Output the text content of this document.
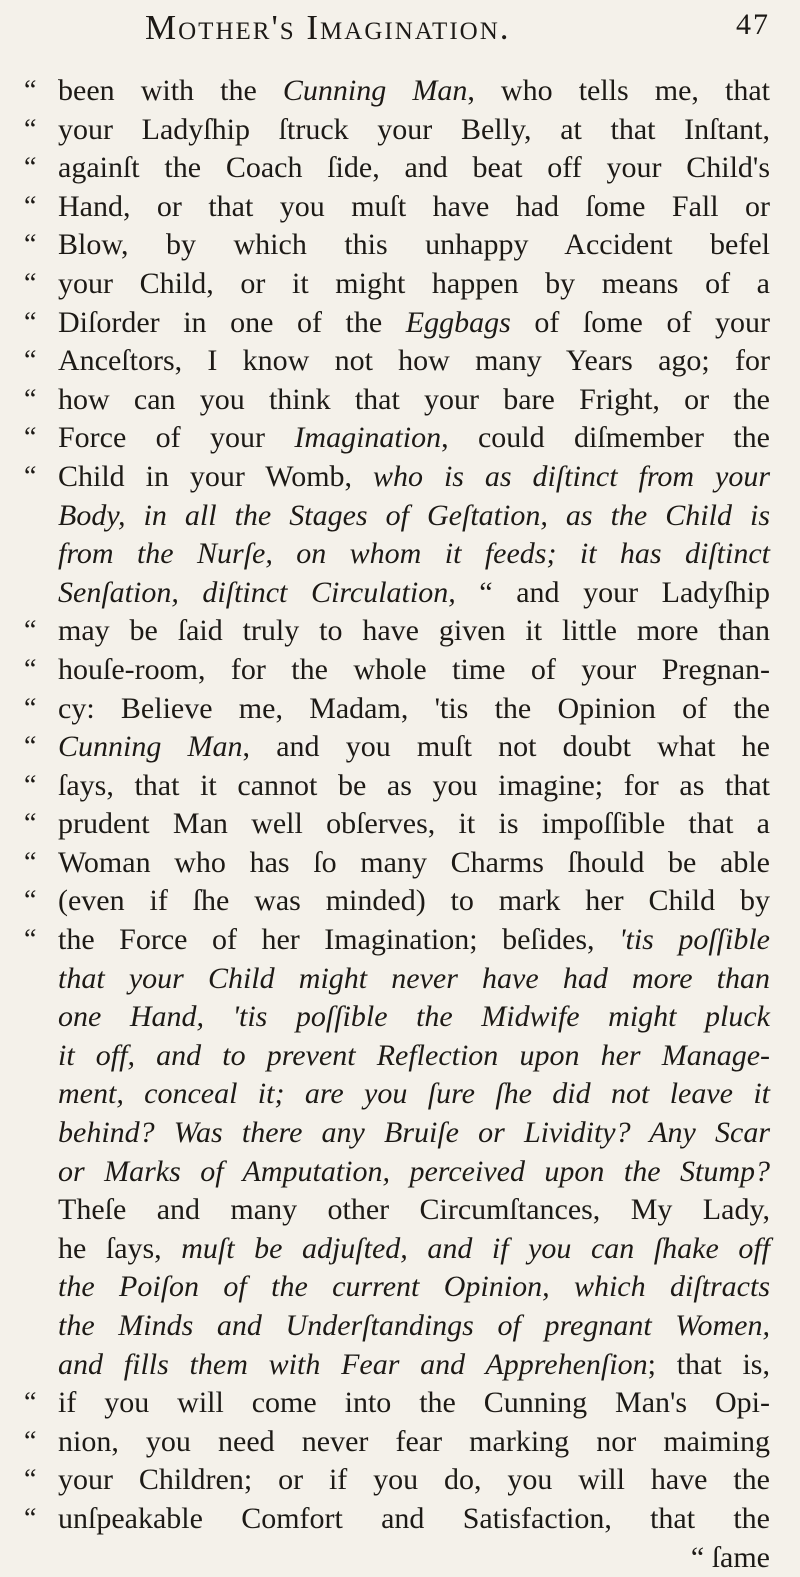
Mother's Imagination.	47
“ been with the Cunning Man, who tells me, that
“ your Ladyſhip ſtruck your Belly, at that Inſtant,
“ againſt the Coach ſide, and beat off your Child's
“ Hand, or that you muſt have had ſome Fall or
“ Blow, by which this unhappy Accident befel
“ your Child, or it might happen by means of a
“ Diſorder in one of the Eggbags of ſome of your
“ Anceſtors, I know not how many Years ago; for
“ how can you think that your bare Fright, or the
“ Force of your Imagination, could diſmember the
“ Child in your Womb, who is as diſtinct from your
Body, in all the Stages of Geſtation, as the Child is
from the Nurſe, on whom it feeds; it has diſtinct
Senſation, diſtinct Circulation, “ and your Ladyſhip
“ may be ſaid truly to have given it little more than
“ houſe-room, for the whole time of your Pregnan-
“ cy: Believe me, Madam, 'tis the Opinion of the
“ Cunning Man, and you muſt not doubt what he
“ ſays, that it cannot be as you imagine; for as that
“ prudent Man well obſerves, it is impoſſible that a
“ Woman who has ſo many Charms ſhould be able
“ (even if ſhe was minded) to mark her Child by
“ the Force of her Imagination; beſides, 'tis poſſible
that your Child might never have had more than
one Hand, 'tis poſſible the Midwife might pluck
it off, and to prevent Reflection upon her Manage-
ment, conceal it; are you ſure ſhe did not leave it
behind? Was there any Bruiſe or Lividity? Any Scar
or Marks of Amputation, perceived upon the Stump?
Theſe and many other Circumſtances, My Lady,
he ſays, muſt be adjuſted, and if you can ſhake off
the Poiſon of the current Opinion, which diſtracts
the Minds and Underſtandings of pregnant Women,
and fills them with Fear and Apprehenſion; that is,
“ if you will come into the Cunning Man's Opi-
“ nion, you need never fear marking nor maiming
“ your Children; or if you do, you will have the
“ unſpeakable Comfort and Satisfaction, that the
“ ſame
